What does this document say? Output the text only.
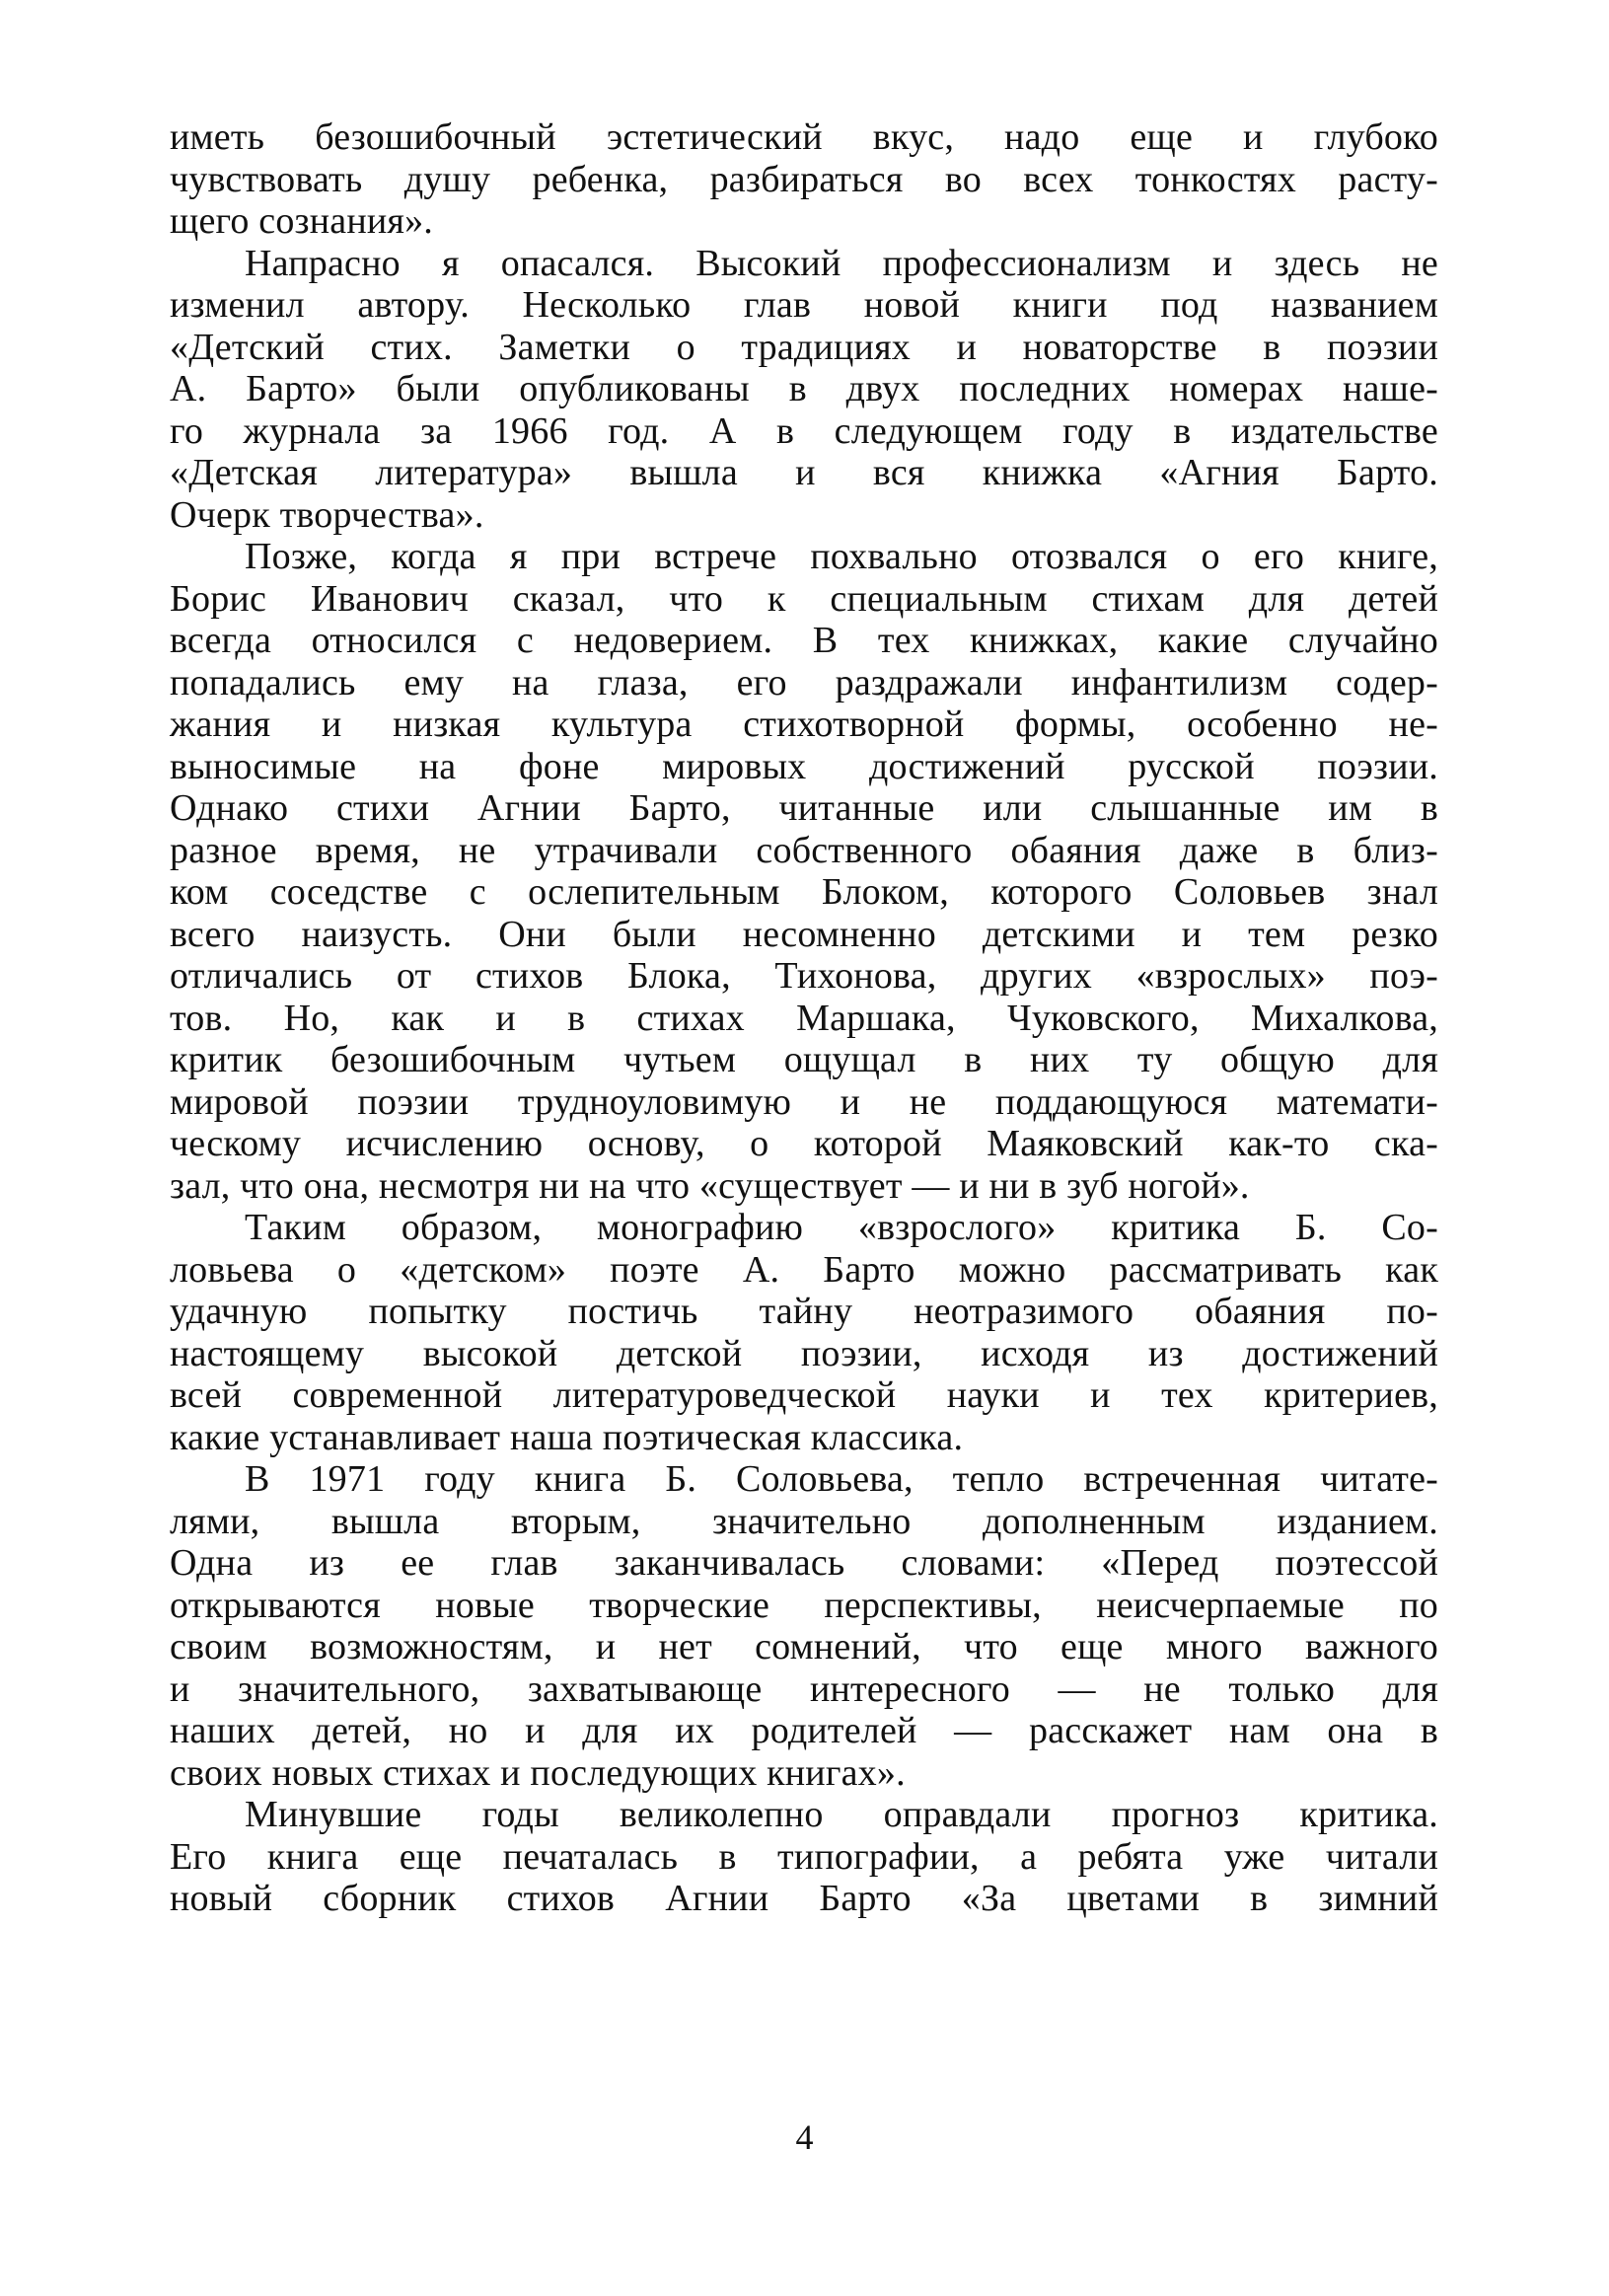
иметь безошибочный эстетический вкус, надо еще и глубоко
чувствовать душу ребенка, разбираться во всех тонкостях расту-
щего сознания».

Напрасно я опасался. Высокий профессионализм и здесь не
изменил автору. Несколько глав новой книги под названием
«Детский стих. Заметки о традициях и новаторстве в поэзии
А. Барто» были опубликованы в двух последних номерах наше-
го журнала за 1966 год. А в следующем году в издательстве
«Детская литература» вышла и вся книжка «Агния Барто.
Очерк творчества».

Позже, когда я при встрече похвально отозвался о его книге,
Борис Иванович сказал, что к специальным стихам для детей
всегда относился с недоверием. В тех книжках, какие случайно
попадались ему на глаза, его раздражали инфантилизм содер-
жания и низкая культура стихотворной формы, особенно не-
выносимые на фоне мировых достижений русской поэзии.
Однако стихи Агнии Барто, читанные или слышанные им в
разное время, не утрачивали собственного обаяния даже в близ-
ком соседстве с ослепительным Блоком, которого Соловьев знал
всего наизусть. Они были несомненно детскими и тем резко
отличались от стихов Блока, Тихонова, других «взрослых» поэ-
тов. Но, как и в стихах Маршака, Чуковского, Михалкова,
критик безошибочным чутьем ощущал в них ту общую для
мировой поэзии трудноуловимую и не поддающуюся математи-
ческому исчислению основу, о которой Маяковский как-то ска-
зал, что она, несмотря ни на что «существует — и ни в зуб ногой».

Таким образом, монографию «взрослого» критика Б. Со-
ловьева о «детском» поэте А. Барто можно рассматривать как
удачную попытку постичь тайну неотразимого обаяния по-
настоящему высокой детской поэзии, исходя из достижений
всей современной литературоведческой науки и тех критериев,
какие устанавливает наша поэтическая классика.

В 1971 году книга Б. Соловьева, тепло встреченная читате-
лями, вышла вторым, значительно дополненным изданием.
Одна из ее глав заканчивалась словами: «Перед поэтессой
открываются новые творческие перспективы, неисчерпаемые по
своим возможностям, и нет сомнений, что еще много важного
и значительного, захватывающе интересного — не только для
наших детей, но и для их родителей — расскажет нам она в
своих новых стихах и последующих книгах».

Минувшие годы великолепно оправдали прогноз критика.
Его книга еще печаталась в типографии, а ребята уже читали
новый сборник стихов Агнии Барто «За цветами в зимний

4
